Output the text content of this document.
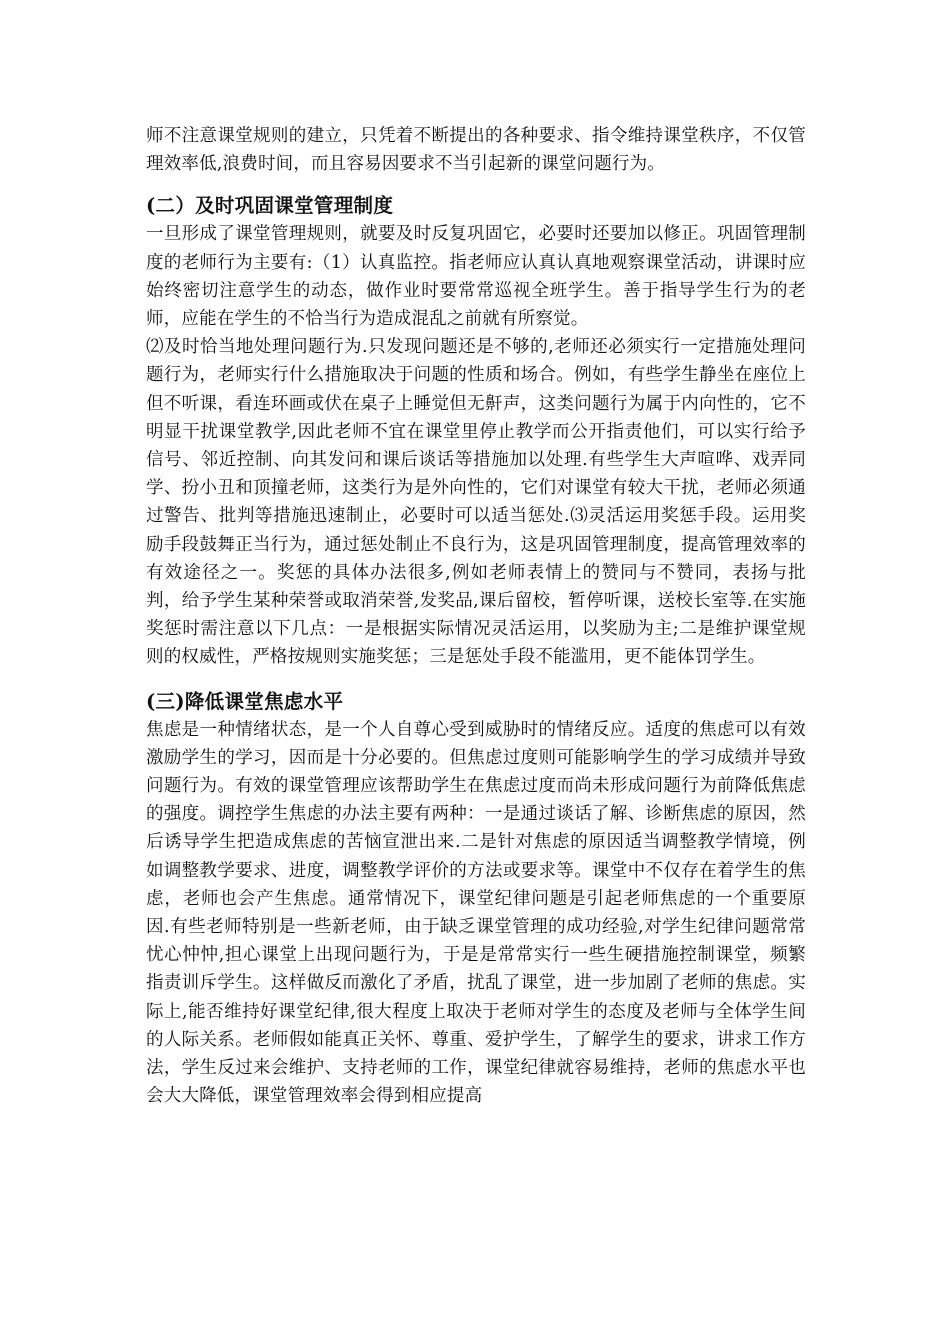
师不注意课堂规则的建立，只凭着不断提出的各种要求、指令维持课堂秩序，不仅管理效率低,浪费时间，而且容易因要求不当引起新的课堂问题行为。

(二）及时巩固课堂管理制度

一旦形成了课堂管理规则，就要及时反复巩固它，必要时还要加以修正。巩固管理制度的老师行为主要有:（1）认真监控。指老师应认真认真地观察课堂活动，讲课时应始终密切注意学生的动态，做作业时要常常巡视全班学生。善于指导学生行为的老师，应能在学生的不恰当行为造成混乱之前就有所察觉。

⑵及时恰当地处理问题行为.只发现问题还是不够的,老师还必须实行一定措施处理问题行为，老师实行什么措施取决于问题的性质和场合。例如，有些学生静坐在座位上但不听课，看连环画或伏在桌子上睡觉但无鼾声，这类问题行为属于内向性的，它不明显干扰课堂教学,因此老师不宜在课堂里停止教学而公开指责他们，可以实行给予信号、邻近控制、向其发问和课后谈话等措施加以处理.有些学生大声喧哗、戏弄同学、扮小丑和顶撞老师，这类行为是外向性的，它们对课堂有较大干扰，老师必须通过警告、批判等措施迅速制止，必要时可以适当惩处.⑶灵活运用奖惩手段。运用奖励手段鼓舞正当行为，通过惩处制止不良行为，这是巩固管理制度，提高管理效率的有效途径之一。奖惩的具体办法很多,例如老师表情上的赞同与不赞同，表扬与批判，给予学生某种荣誉或取消荣誉,发奖品,课后留校，暂停听课，送校长室等.在实施奖惩时需注意以下几点：一是根据实际情况灵活运用，以奖励为主;二是维护课堂规则的权威性，严格按规则实施奖惩；三是惩处手段不能滥用，更不能体罚学生。

(三)降低课堂焦虑水平

焦虑是一种情绪状态，是一个人自尊心受到威胁时的情绪反应。适度的焦虑可以有效激励学生的学习，因而是十分必要的。但焦虑过度则可能影响学生的学习成绩并导致问题行为。有效的课堂管理应该帮助学生在焦虑过度而尚未形成问题行为前降低焦虑的强度。调控学生焦虑的办法主要有两种：一是通过谈话了解、诊断焦虑的原因，然后诱导学生把造成焦虑的苦恼宣泄出来.二是针对焦虑的原因适当调整教学情境，例如调整教学要求、进度，调整教学评价的方法或要求等。课堂中不仅存在着学生的焦虑，老师也会产生焦虑。通常情况下，课堂纪律问题是引起老师焦虑的一个重要原因.有些老师特别是一些新老师，由于缺乏课堂管理的成功经验,对学生纪律问题常常忧心忡忡,担心课堂上出现问题行为，于是是常常实行一些生硬措施控制课堂，频繁指责训斥学生。这样做反而激化了矛盾，扰乱了课堂，进一步加剧了老师的焦虑。实际上,能否维持好课堂纪律,很大程度上取决于老师对学生的态度及老师与全体学生间的人际关系。老师假如能真正关怀、尊重、爱护学生，了解学生的要求，讲求工作方法，学生反过来会维护、支持老师的工作，课堂纪律就容易维持，老师的焦虑水平也会大大降低，课堂管理效率会得到相应提高
